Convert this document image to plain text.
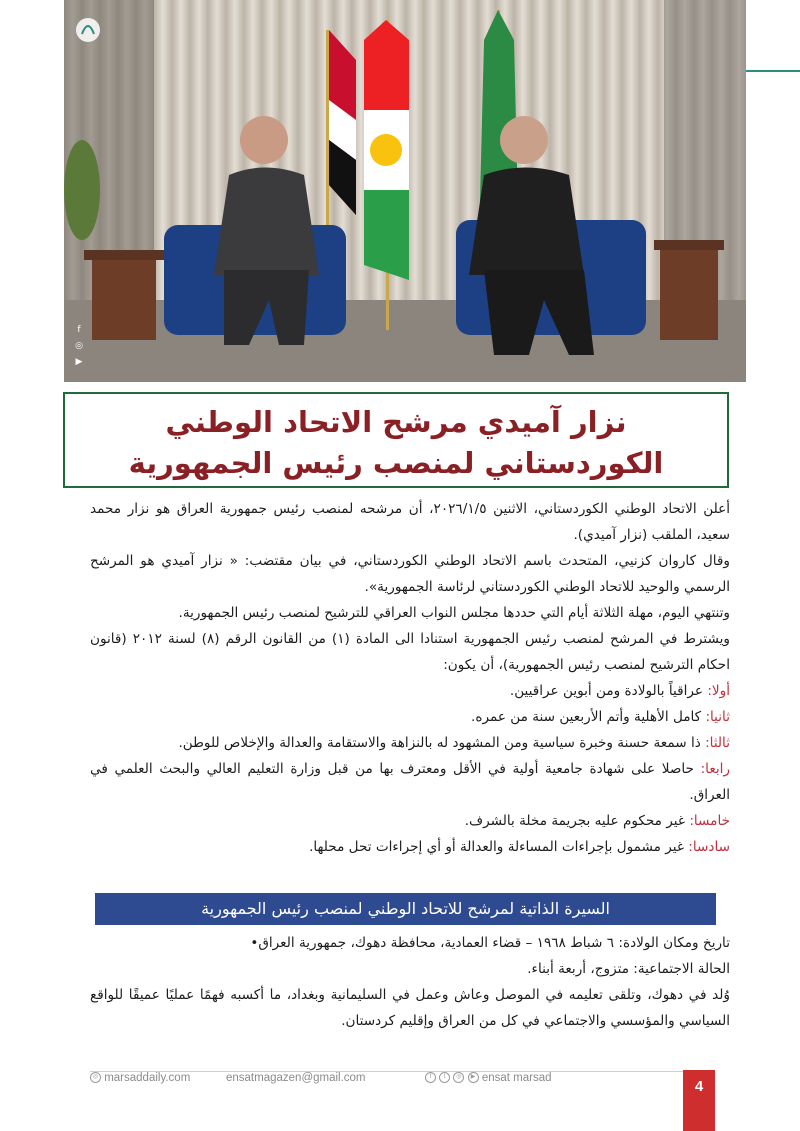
f
◎
▶
نزار آميدي مرشح الاتحاد الوطني الكوردستاني لمنصب رئيس الجمهورية

أعلن الاتحاد الوطني الكوردستاني، الاثنين ٢٠٢٦/١/٥، أن مرشحه لمنصب رئيس جمهورية العراق هو نزار محمد سعيد، الملقب (نزار آميدي).

وقال كاروان كزنيي، المتحدث باسم الاتحاد الوطني الكوردستاني، في بيان مقتضب: « نزار آميدي هو المرشح الرسمي والوحيد للاتحاد الوطني الكوردستاني لرئاسة الجمهورية».

وتنتهي اليوم، مهلة الثلاثة أيام التي حددها مجلس النواب العراقي للترشيح لمنصب رئيس الجمهورية.

ويشترط في المرشح لمنصب رئيس الجمهورية استنادا الى المادة (١) من القانون الرقم (٨) لسنة ٢٠١٢ (قانون احكام الترشيح لمنصب رئيس الجمهورية)، أن يكون:

أولا: عراقياً بالولادة ومن أبوين عراقيين.

ثانيا: كامل الأهلية وأتم الأربعين سنة من عمره.

ثالثا: ذا سمعة حسنة وخبرة سياسية ومن المشهود له بالنزاهة والاستقامة والعدالة والإخلاص للوطن.

رابعا: حاصلا على شهادة جامعية أولية في الأقل ومعترف بها من قبل وزارة التعليم العالي والبحث العلمي في العراق.

خامسا: غير محكوم عليه بجريمة مخلة بالشرف.

سادسا: غير مشمول بإجراءات المساءلة والعدالة أو أي إجراءات تحل محلها.

السيرة الذاتية لمرشح للاتحاد الوطني لمنصب رئيس الجمهورية

تاريخ ومكان الولادة: ٦ شباط ١٩٦٨ – قضاء العمادية، محافظة دهوك، جمهورية العراق•

الحالة الاجتماعية: متزوج، أربعة أبناء.

وُلد في دهوك، وتلقى تعليمه في الموصل وعاش وعمل في السليمانية وبغداد، ما أكسبه فهمًا عمليًا عميقًا للواقع السياسي والمؤسسي والاجتماعي في كل من العراق وإقليم كردستان.

◎ marsaddaily.com	ensatmagazen@gmail.com	f t ◎ ▶ ensat marsad	4
